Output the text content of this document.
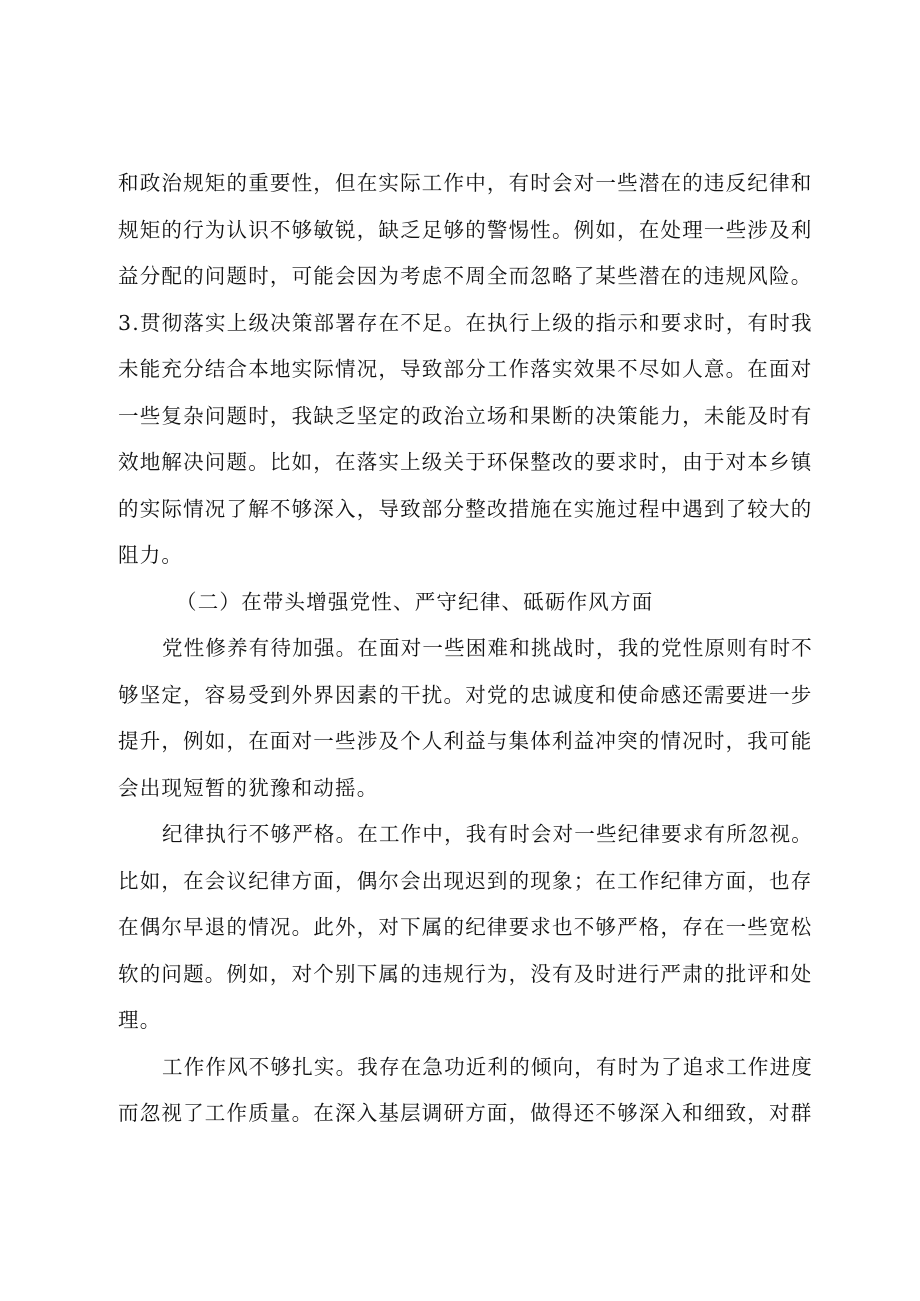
和政治规矩的重要性，但在实际工作中，有时会对一些潜在的违反纪律和
规矩的行为认识不够敏锐，缺乏足够的警惕性。例如，在处理一些涉及利
益分配的问题时，可能会因为考虑不周全而忽略了某些潜在的违规风险。
3.贯彻落实上级决策部署存在不足。在执行上级的指示和要求时，有时我
未能充分结合本地实际情况，导致部分工作落实效果不尽如人意。在面对
一些复杂问题时，我缺乏坚定的政治立场和果断的决策能力，未能及时有
效地解决问题。比如，在落实上级关于环保整改的要求时，由于对本乡镇
的实际情况了解不够深入，导致部分整改措施在实施过程中遇到了较大的
阻力。
（二）在带头增强党性、严守纪律、砥砺作风方面
党性修养有待加强。在面对一些困难和挑战时，我的党性原则有时不
够坚定，容易受到外界因素的干扰。对党的忠诚度和使命感还需要进一步
提升，例如，在面对一些涉及个人利益与集体利益冲突的情况时，我可能
会出现短暂的犹豫和动摇。
纪律执行不够严格。在工作中，我有时会对一些纪律要求有所忽视。
比如，在会议纪律方面，偶尔会出现迟到的现象；在工作纪律方面，也存
在偶尔早退的情况。此外，对下属的纪律要求也不够严格，存在一些宽松
软的问题。例如，对个别下属的违规行为，没有及时进行严肃的批评和处
理。
工作作风不够扎实。我存在急功近利的倾向，有时为了追求工作进度
而忽视了工作质量。在深入基层调研方面，做得还不够深入和细致，对群
